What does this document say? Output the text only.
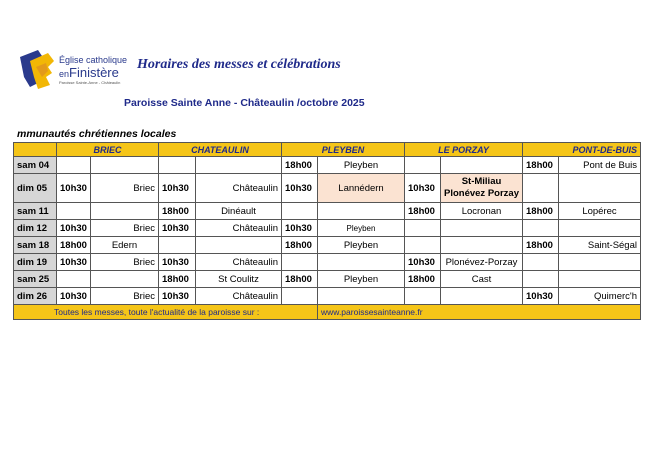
Église catholique
enFinistère
Paroisse Sainte-Anne - Châteaulin
Horaires des messes et célébrations
Paroisse Sainte Anne - Châteaulin /octobre 2025
mmunautés chrétiennes locales
	BRIEC		CHATEAULIN		PLEYBEN		LE PORZAY		PONT-DE-BUIS	
sam 04					18h00	Pleyben			18h00	Pont de Buis
dim 05	10h30	Briec	10h30	Châteaulin	10h30	Lannédern	10h30	St-Miliau
Plonévez Porzay		
sam 11			18h00	Dinéault			18h00	Locronan	18h00	Lopérec
dim 12	10h30	Briec	10h30	Châteaulin	10h30	Pleyben				
sam 18	18h00	Edern			18h00	Pleyben			18h00	Saint-Ségal
dim 19	10h30	Briec	10h30	Châteaulin			10h30	Plonévez-Porzay		
sam 25			18h00	St Coulitz	18h00	Pleyben	18h00	Cast		
dim 26	10h30	Briec	10h30	Châteaulin					10h30	Quimerc'h
Toutes les messes, toute l'actualité de la paroisse sur :						www.paroissesainteanne.fr				
